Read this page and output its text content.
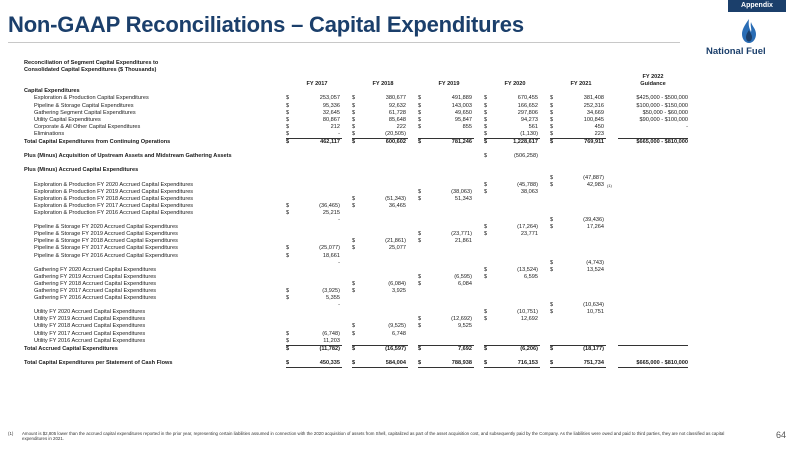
Appendix
Non-GAAP Reconciliations – Capital Expenditures
National Fuel
Reconciliation of Segment Capital Expenditures to
Consolidated Capital Expenditures ($ Thousands)
																FY 2022
		FY 2017			FY 2018			FY 2019			FY 2020			FY 2021		Guidance
Capital Expenditures																
Exploration & Production Capital Expenditures	$	253,057		$	380,677		$	491,889		$	670,455		$	381,408		$425,000 - $500,000
Pipeline & Storage Capital Expenditures	$	95,336		$	92,632		$	143,003		$	166,652		$	252,316		$100,000 - $150,000
Gathering Segment Capital Expenditures	$	32,645		$	61,728		$	49,650		$	297,806		$	34,669		$50,000 - $60,000
Utility Capital Expenditures	$	80,867		$	85,648		$	95,847		$	94,273		$	100,845		$90,000 - $100,000
Corporate & All Other Capital Expenditures	$	212		$	222		$	855		$	561		$	450		-
Eliminations	$	-		$	(20,505)					$	(1,130)		$	223		
Total Capital Expenditures from Continuing Operations	$	462,117		$	600,602		$	781,246		$	1,228,617		$	769,911		$665,000 - $810,000

Plus (Minus) Acquisition of Upstream Assets and Midstream Gathering Assets										$	(506,258)					

Plus (Minus) Accrued Capital Expenditures																
													$	(47,887)		
Exploration & Production FY 2020 Accrued Capital Expenditures										$	(45,788)		$	42,983	(1)	
Exploration & Production FY 2019 Accrued Capital Expenditures							$	(38,063)		$	38,063					
Exploration & Production FY 2018 Accrued Capital Expenditures				$	(51,343)		$	51,343								
Exploration & Production FY 2017 Accrued Capital Expenditures	$	(36,465)		$	36,465											
Exploration & Production FY 2016 Accrued Capital Expenditures	$	25,215														
		-											$	(39,436)		
Pipeline & Storage FY 2020 Accrued Capital Expenditures										$	(17,264)		$	17,264		
Pipeline & Storage FY 2019 Accrued Capital Expenditures							$	(23,771)		$	23,771					
Pipeline & Storage FY 2018 Accrued Capital Expenditures				$	(21,861)		$	21,861								
Pipeline & Storage FY 2017 Accrued Capital Expenditures	$	(25,077)		$	25,077											
Pipeline & Storage FY 2016 Accrued Capital Expenditures	$	18,661														
		-											$	(4,743)		
Gathering FY 2020 Accrued Capital Expenditures										$	(13,524)		$	13,524		
Gathering FY 2019 Accrued Capital Expenditures							$	(6,595)		$	6,595					
Gathering FY 2018 Accrued Capital Expenditures				$	(6,084)		$	6,084								
Gathering FY 2017 Accrued Capital Expenditures	$	(3,925)		$	3,925											
Gathering FY 2016 Accrued Capital Expenditures	$	5,355														
		-											$	(10,634)		
Utility FY 2020 Accrued Capital Expenditures										$	(10,751)		$	10,751		
Utility FY 2019 Accrued Capital Expenditures							$	(12,692)		$	12,692					
Utility FY 2018 Accrued Capital Expenditures				$	(9,525)		$	9,525								
Utility FY 2017 Accrued Capital Expenditures	$	(6,748)		$	6,748											
Utility FY 2016 Accrued Capital Expenditures	$	11,203														
Total Accrued Capital Expenditures	$	(11,782)		$	(16,597)		$	7,692		$	(6,206)		$	(18,177)		

Total Capital Expenditures per Statement of Cash Flows	$	450,335		$	584,004		$	788,938		$	716,153		$	751,734		$665,000 - $810,000
(1) Amount is $2,805 lower than the accrued capital expenditures reported in the prior year, representing certain liabilities assumed in connection with the 2020 acquisition of assets from Shell, capitalized as part of the asset acquisition cost, and subsequently paid by the Company. As the liabilities were owed and paid to third parties, they are not classified as capital expenditures in 2021.	64
